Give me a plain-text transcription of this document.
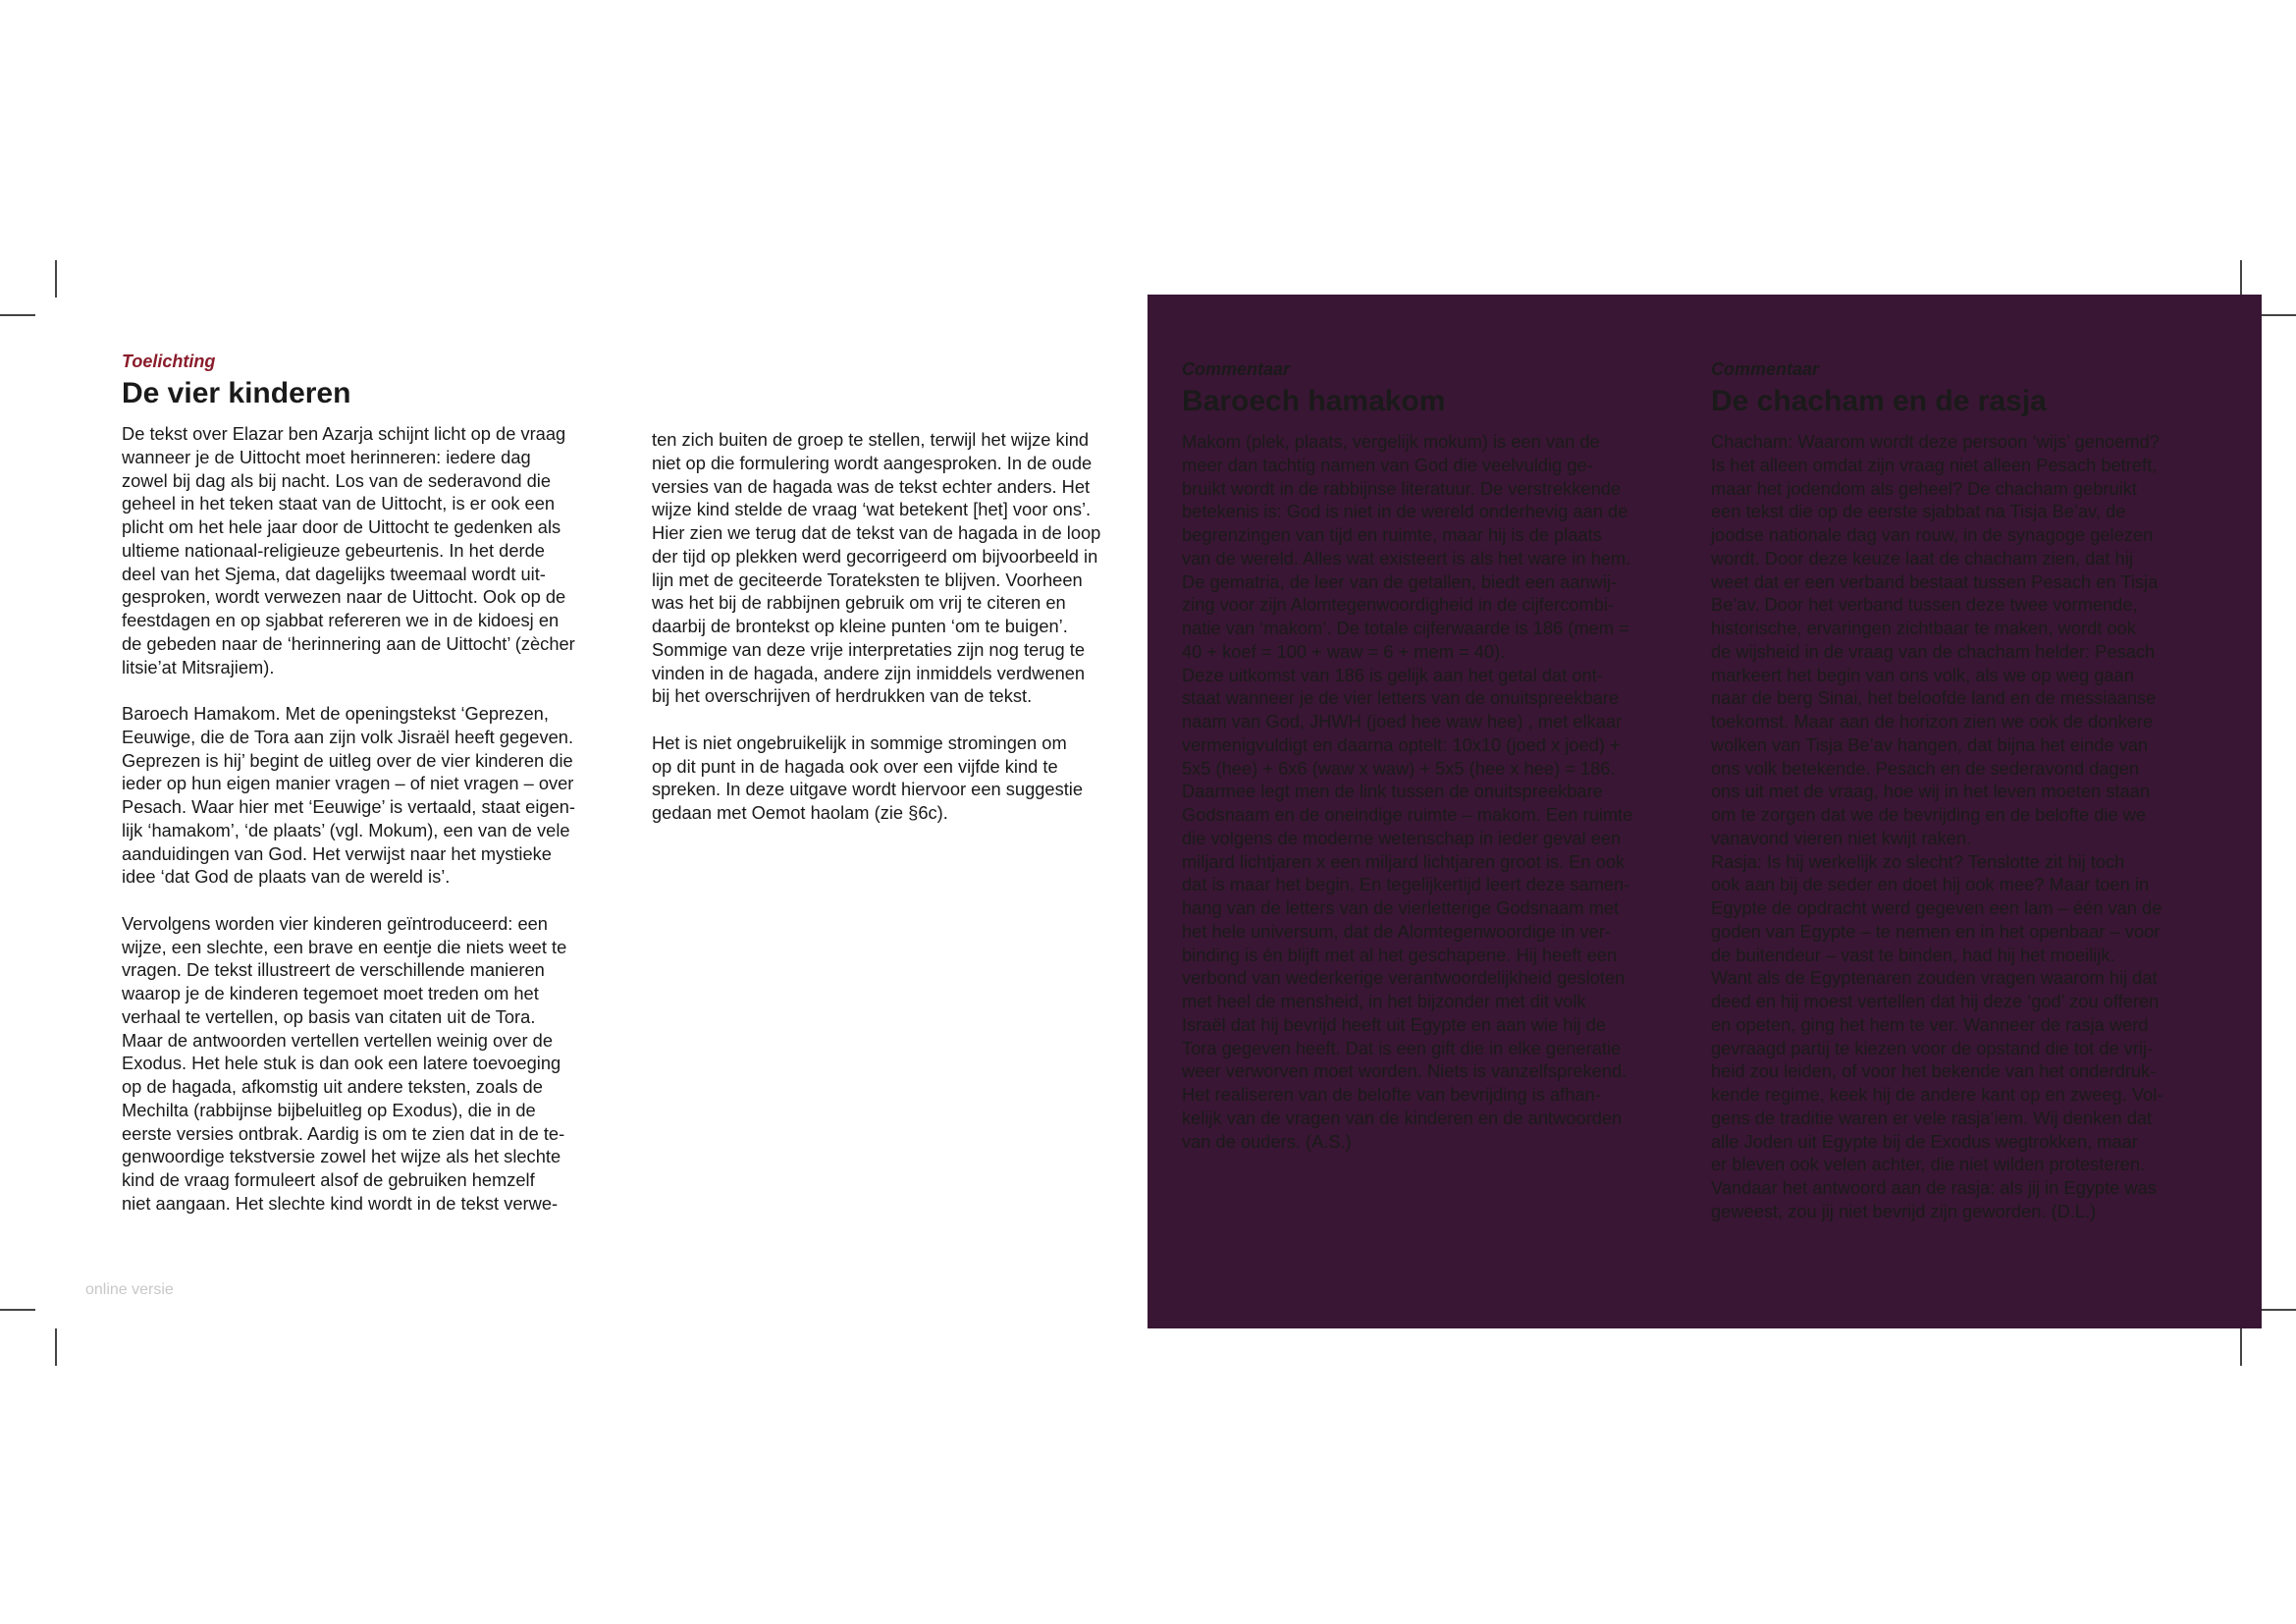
Toelichting
De vier kinderen

De tekst over Elazar ben Azarja schijnt licht op de vraag
wanneer je de Uittocht moet herinneren: iedere dag
zowel bij dag als bij nacht. Los van de sederavond die
geheel in het teken staat van de Uittocht, is er ook een
plicht om het hele jaar door de Uittocht te gedenken als
ultieme nationaal-religieuze gebeurtenis. In het derde
deel van het Sjema, dat dagelijks tweemaal wordt uit-
gesproken, wordt verwezen naar de Uittocht. Ook op de
feestdagen en op sjabbat refereren we in de kidoesj en
de gebeden naar de ‘herinnering aan de Uittocht’ (zècher
litsie’at Mitsrajiem).

Baroech Hamakom. Met de openingstekst ‘Geprezen,
Eeuwige, die de Tora aan zijn volk Jisraël heeft gegeven.
Geprezen is hij’ begint de uitleg over de vier kinderen die
ieder op hun eigen manier vragen – of niet vragen – over
Pesach. Waar hier met ‘Eeuwige’ is vertaald, staat eigen-
lijk ‘hamakom’, ‘de plaats’ (vgl. Mokum), een van de vele
aanduidingen van God. Het verwijst naar het mystieke
idee ‘dat God de plaats van de wereld is’.

Vervolgens worden vier kinderen geïntroduceerd: een
wijze, een slechte, een brave en eentje die niets weet te
vragen. De tekst illustreert de verschillende manieren
waarop je de kinderen tegemoet moet treden om het
verhaal te vertellen, op basis van citaten uit de Tora.
Maar de antwoorden vertellen vertellen weinig over de
Exodus. Het hele stuk is dan ook een latere toevoeging
op de hagada, afkomstig uit andere teksten, zoals de
Mechilta (rabbijnse bijbeluitleg op Exodus), die in de
eerste versies ontbrak. Aardig is om te zien dat in de te-
genwoordige tekstversie zowel het wijze als het slechte
kind de vraag formuleert alsof de gebruiken hemzelf
niet aangaan. Het slechte kind wordt in de tekst verwe-

ten zich buiten de groep te stellen, terwijl het wijze kind
niet op die formulering wordt aangesproken. In de oude
versies van de hagada was de tekst echter anders. Het
wijze kind stelde de vraag ‘wat betekent [het] voor ons’.
Hier zien we terug dat de tekst van de hagada in de loop
der tijd op plekken werd gecorrigeerd om bijvoorbeeld in
lijn met de geciteerde Torateksten te blijven. Voorheen
was het bij de rabbijnen gebruik om vrij te citeren en
daarbij de brontekst op kleine punten ‘om te buigen’.
Sommige van deze vrije interpretaties zijn nog terug te
vinden in de hagada, andere zijn inmiddels verdwenen
bij het overschrijven of herdrukken van de tekst.

Het is niet ongebruikelijk in sommige stromingen om
op dit punt in de hagada ook over een vijfde kind te
spreken. In deze uitgave wordt hiervoor een suggestie
gedaan met Oemot haolam (zie §6c).

Commentaar
Baroech hamakom

Makom (plek, plaats, vergelijk mokum) is een van de
meer dan tachtig namen van God die veelvuldig ge-
bruikt wordt in de rabbijnse literatuur. De verstrekkende
betekenis is: God is niet in de wereld onderhevig aan de
begrenzingen van tijd en ruimte, maar hij is de plaats
van de wereld. Alles wat existeert is als het ware in hem.
De gematria, de leer van de getallen, biedt een aanwij-
zing voor zijn Alomtegenwoordigheid in de cijfercombi-
natie van ‘makom’. De totale cijferwaarde is 186 (mem =
40 + koef = 100 + waw = 6 + mem = 40).
Deze uitkomst van 186 is gelijk aan het getal dat ont-
staat wanneer je de vier letters van de onuitspreekbare
naam van God, JHWH (joed hee waw hee) , met elkaar
vermenigvuldigt en daarna optelt: 10x10 (joed x joed) +
5x5 (hee) + 6x6 (waw x waw) + 5x5 (hee x hee) = 186.
Daarmee legt men de link tussen de onuitspreekbare
Godsnaam en de oneindige ruimte – makom. Een ruimte
die volgens de moderne wetenschap in ieder geval een
miljard lichtjaren x een miljard lichtjaren groot is. En ook
dat is maar het begin. En tegelijkertijd leert deze samen-
hang van de letters van de vierletterige Godsnaam met
het hele universum, dat de Alomtegenwoordige in ver-
binding is én blijft met al het geschapene. Hij heeft een
verbond van wederkerige verantwoordelijkheid gesloten
met heel de mensheid, in het bijzonder met dit volk
Israël dat hij bevrijd heeft uit Egypte en aan wie hij de
Tora gegeven heeft. Dat is een gift die in elke generatie
weer verworven moet worden. Niets is vanzelfsprekend.
Het realiseren van de belofte van bevrijding is afhan-
kelijk van de vragen van de kinderen en de antwoorden
van de ouders. (A.S.)

Commentaar
De chacham en de rasja

Chacham: Waarom wordt deze persoon ‘wijs’ genoemd?
Is het alleen omdat zijn vraag niet alleen Pesach betreft,
maar het jodendom als geheel? De chacham gebruikt
een tekst die op de eerste sjabbat na Tisja Be’av, de
joodse nationale dag van rouw, in de synagoge gelezen
wordt. Door deze keuze laat de chacham zien, dat hij
weet dat er een verband bestaat tussen Pesach en Tisja
Be’av. Door het verband tussen deze twee vormende,
historische, ervaringen zichtbaar te maken, wordt ook
de wijsheid in de vraag van de chacham helder: Pesach
markeert het begin van ons volk, als we op weg gaan
naar de berg Sinai, het beloofde land en de messiaanse
toekomst. Maar aan de horizon zien we ook de donkere
wolken van Tisja Be’av hangen, dat bijna het einde van
ons volk betekende. Pesach en de sederavond dagen
ons uit met de vraag, hoe wij in het leven moeten staan
om te zorgen dat we de bevrijding en de belofte die we
vanavond vieren niet kwijt raken.
Rasja: Is hij werkelijk zo slecht? Tenslotte zit hij toch
ook aan bij de seder en doet hij ook mee? Maar toen in
Egypte de opdracht werd gegeven een lam – één van de
goden van Egypte – te nemen en in het openbaar – voor
de buitendeur – vast te binden, had hij het moeilijk.
Want als de Egyptenaren zouden vragen waarom hij dat
deed en hij moest vertellen dat hij deze ‘god’ zou offeren
en opeten, ging het hem te ver. Wanneer de rasja werd
gevraagd partij te kiezen voor de opstand die tot de vrij-
heid zou leiden, of voor het bekende van het onderdruk-
kende regime, keek hij de andere kant op en zweeg. Vol-
gens de traditie waren er vele rasja’iem. Wij denken dat
alle Joden uit Egypte bij de Exodus wegtrokken, maar
er bleven ook velen achter, die niet wilden protesteren.
Vandaar het antwoord aan de rasja: als jij in Egypte was
geweest, zou jij niet bevrijd zijn geworden. (D.L.)

online versie
